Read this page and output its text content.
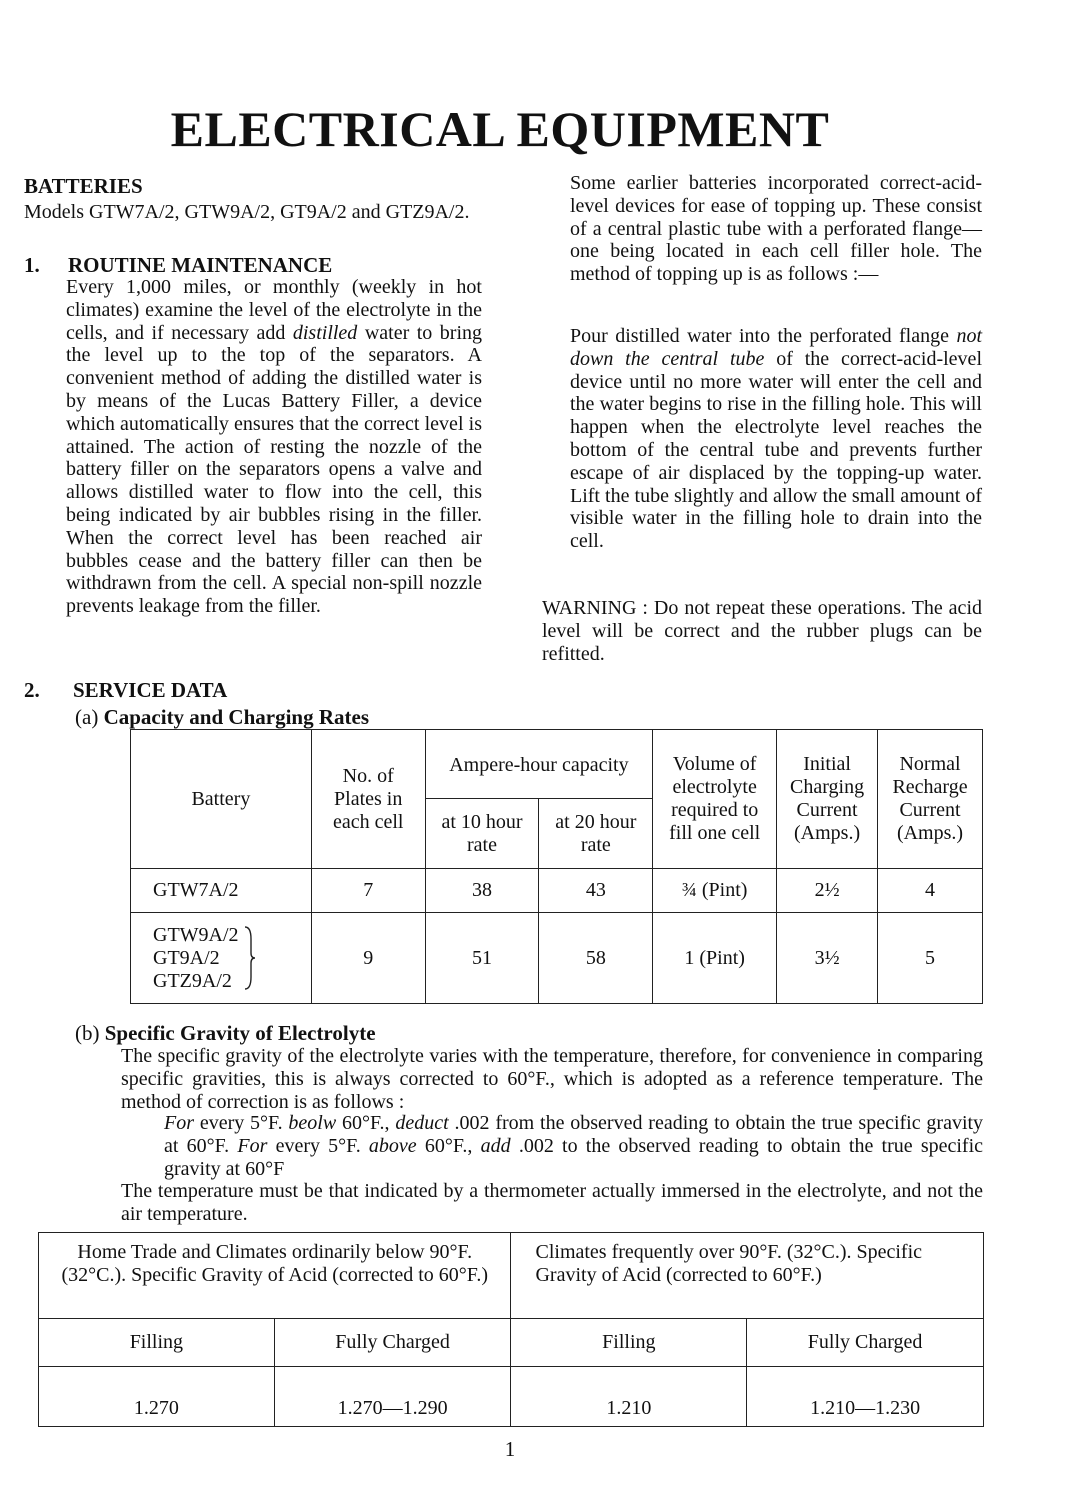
ELECTRICAL EQUIPMENT
BATTERIES
Models GTW7A/2, GTW9A/2, GT9A/2 and GTZ9A/2.
1. ROUTINE MAINTENANCE
Every 1,000 miles, or monthly (weekly in hot climates) examine the level of the electrolyte in the cells, and if necessary add distilled water to bring the level up to the top of the separators. A convenient method of adding the distilled water is by means of the Lucas Battery Filler, a device which automatically ensures that the correct level is attained. The action of resting the nozzle of the battery filler on the separators opens a valve and allows distilled water to flow into the cell, this being indicated by air bubbles rising in the filler. When the correct level has been reached air bubbles cease and the battery filler can then be withdrawn from the cell. A special non-spill nozzle prevents leakage from the filler.
Some earlier batteries incorporated correct-acid-level devices for ease of topping up. These consist of a central plastic tube with a perforated flange—one being located in each cell filler hole. The method of topping up is as follows :—
Pour distilled water into the perforated flange not down the central tube of the correct-acid-level device until no more water will enter the cell and the water begins to rise in the filling hole. This will happen when the electrolyte level reaches the bottom of the central tube and prevents further escape of air displaced by the topping-up water. Lift the tube slightly and allow the small amount of visible water in the filling hole to drain into the cell.
WARNING : Do not repeat these operations. The acid level will be correct and the rubber plugs can be refitted.
2. SERVICE DATA
(a) Capacity and Charging Rates
Battery	No. of Plates in each cell	Ampere-hour capacity		Volume of electrolyte required to fill one cell	Initial Charging Current (Amps.)	Normal Recharge Current (Amps.)
		at 10 hour rate	at 20 hour rate			
GTW7A/2	7	38	43	¾ (Pint)	2½	4

GTW9A/2
GT9A/2
GTZ9A/2	9	51	58	1 (Pint)	3½	5
(b) Specific Gravity of Electrolyte
The specific gravity of the electrolyte varies with the temperature, therefore, for convenience in comparing specific gravities, this is always corrected to 60°F., which is adopted as a reference temperature. The method of correction is as follows :
For every 5°F. beolw 60°F., deduct .002 from the observed reading to obtain the true specific gravity at 60°F. For every 5°F. above 60°F., add .002 to the observed reading to obtain the true specific gravity at 60°F
The temperature must be that indicated by a thermometer actually immersed in the electrolyte, and not the air temperature.
Home Trade and Climates ordinarily below 90°F. (32°C.). Specific Gravity of Acid (corrected to 60°F.)		Climates frequently over 90°F. (32°C.). Specific Gravity of Acid (corrected to 60°F.)	
Filling	Fully Charged	Filling	Fully Charged
1.270	1.270—1.290	1.210	1.210—1.230
1
